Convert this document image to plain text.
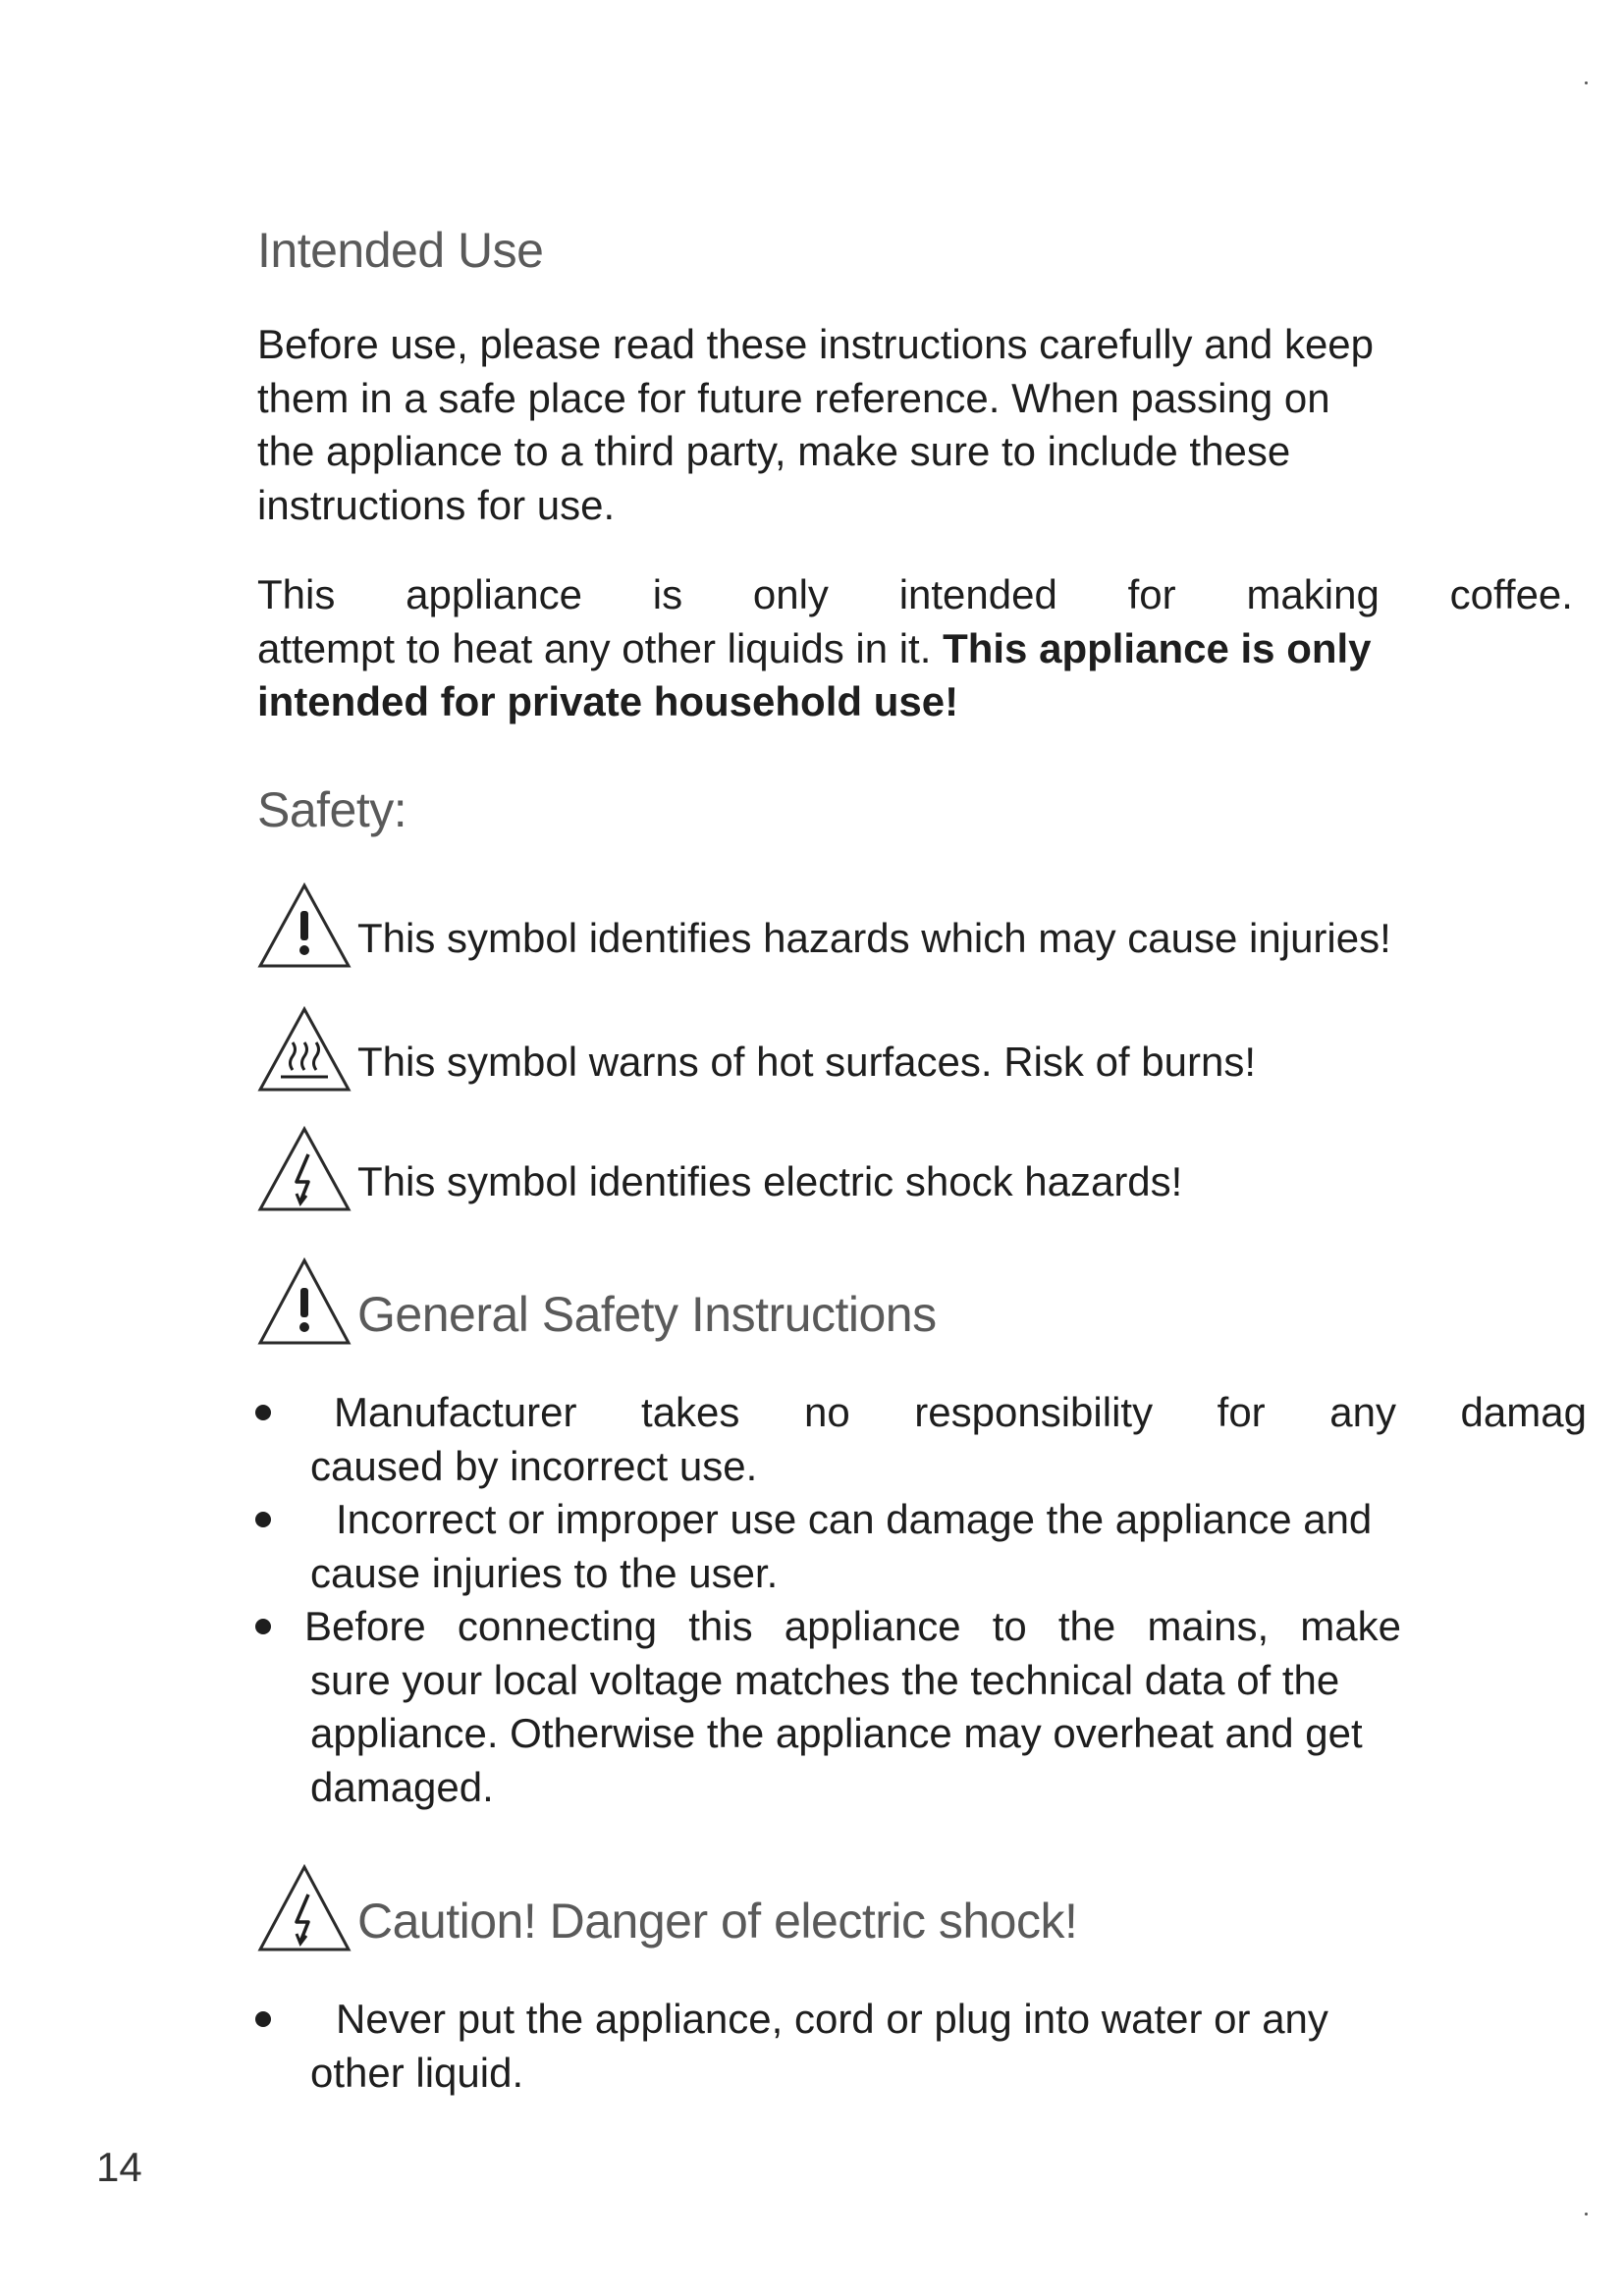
Intended Use
Before use, please read these instructions carefully and keep
them in a safe place for future reference. When passing on
the appliance to a third party, make sure to include these
instructions for use.
This appliance is only intended for making coffee.
attempt to heat any other liquids in it. This appliance is only
intended for private household use!
Safety:
This symbol identifies hazards which may cause injuries!
This symbol warns of hot surfaces. Risk of burns!
This symbol identifies electric shock hazards!
General Safety Instructions
Manufacturer takes no responsibility for any damag
caused by incorrect use.
Incorrect or improper use can damage the appliance and
cause injuries to the user.
Before connecting this appliance to the mains, make
sure your local voltage matches the technical data of the
appliance. Otherwise the appliance may overheat and get
damaged.
Caution! Danger of electric shock!
Never put the appliance, cord or plug into water or any
other liquid.
14
